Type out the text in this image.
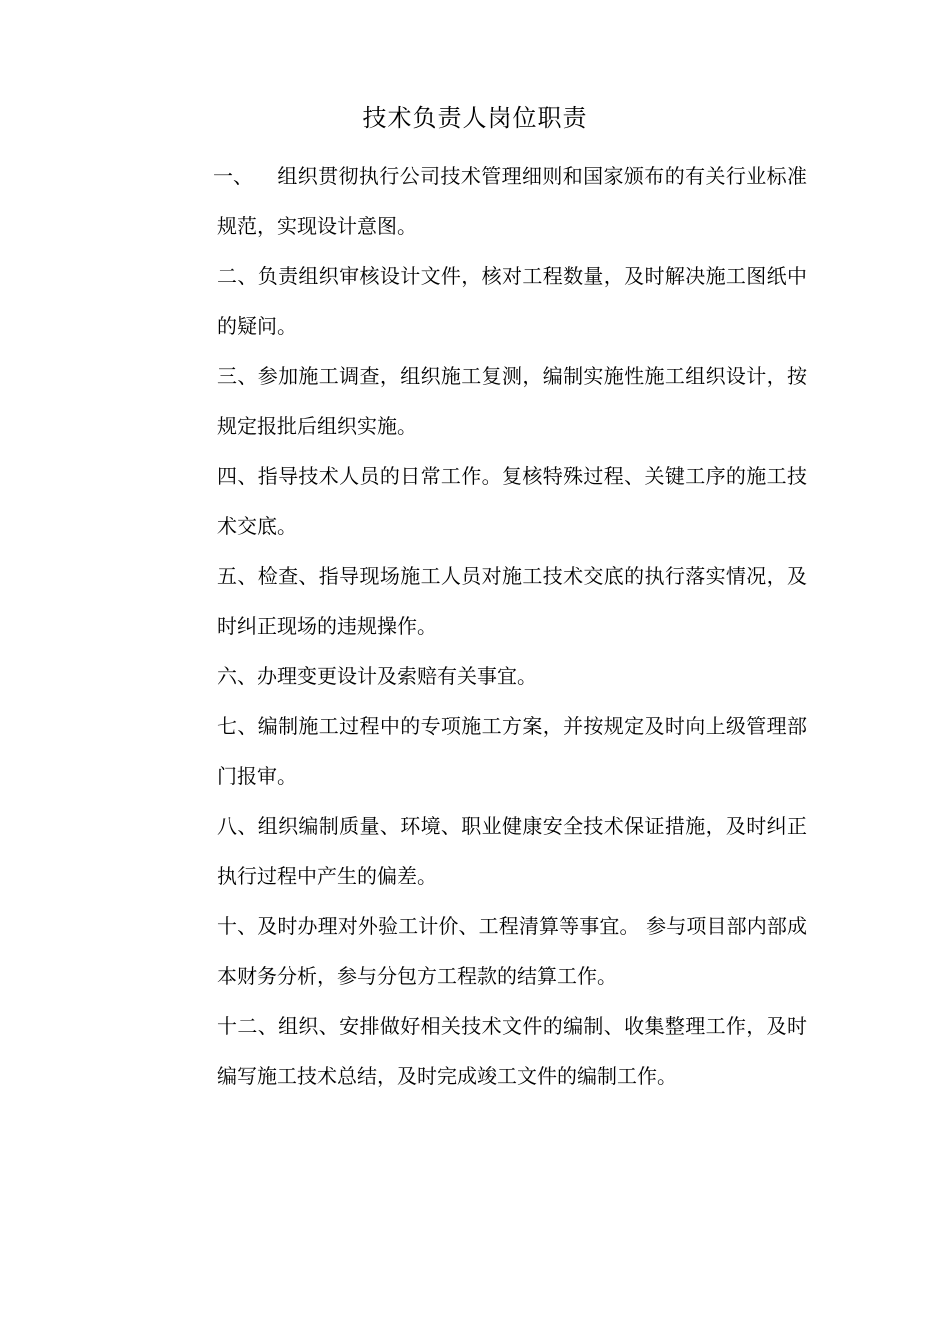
技术负责人岗位职责

一、 组织贯彻执行公司技术管理细则和国家颁布的有关行业标准规范，实现设计意图。

二、负责组织审核设计文件，核对工程数量，及时解决施工图纸中的疑问。

三、参加施工调查，组织施工复测，编制实施性施工组织设计，按规定报批后组织实施。

四、指导技术人员的日常工作。复核特殊过程、关键工序的施工技术交底。

五、检查、指导现场施工人员对施工技术交底的执行落实情况，及时纠正现场的违规操作。

六、办理变更设计及索赔有关事宜。

七、编制施工过程中的专项施工方案，并按规定及时向上级管理部门报审。

八、组织编制质量、环境、职业健康安全技术保证措施，及时纠正执行过程中产生的偏差。

十、及时办理对外验工计价、工程清算等事宜。 参与项目部内部成本财务分析，参与分包方工程款的结算工作。

十二、组织、安排做好相关技术文件的编制、收集整理工作，及时编写施工技术总结，及时完成竣工文件的编制工作。
